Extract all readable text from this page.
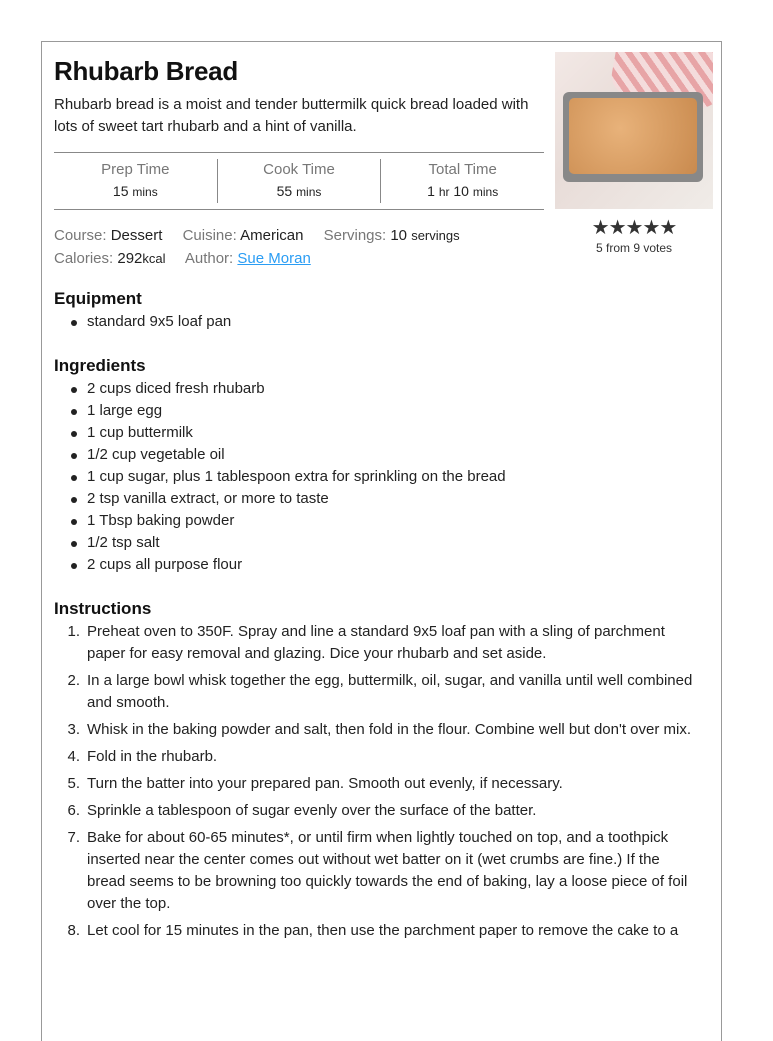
Rhubarb Bread
Rhubarb bread is a moist and tender buttermilk quick bread loaded with lots of sweet tart rhubarb and a hint of vanilla.
Prep Time
15 mins
Cook Time
55 mins
Total Time
1 hr 10 mins
Course: Dessert Cuisine: American Servings: 10 servings
Calories: 292kcal Author: Sue Moran
★★★★★
5 from 9 votes
Equipment
standard 9x5 loaf pan
Ingredients
2 cups diced fresh rhubarb
1 large egg
1 cup buttermilk
1/2 cup vegetable oil
1 cup sugar, plus 1 tablespoon extra for sprinkling on the bread
2 tsp vanilla extract, or more to taste
1 Tbsp baking powder
1/2 tsp salt
2 cups all purpose flour
Instructions
1. Preheat oven to 350F. Spray and line a standard 9x5 loaf pan with a sling of parchment paper for easy removal and glazing. Dice your rhubarb and set aside.
2. In a large bowl whisk together the egg, buttermilk, oil, sugar, and vanilla until well combined and smooth.
3. Whisk in the baking powder and salt, then fold in the flour. Combine well but don't over mix.
4. Fold in the rhubarb.
5. Turn the batter into your prepared pan. Smooth out evenly, if necessary.
6. Sprinkle a tablespoon of sugar evenly over the surface of the batter.
7. Bake for about 60-65 minutes*, or until firm when lightly touched on top, and a toothpick inserted near the center comes out without wet batter on it (wet crumbs are fine.) If the bread seems to be browning too quickly towards the end of baking, lay a loose piece of foil over the top.
8. Let cool for 15 minutes in the pan, then use the parchment paper to remove the cake to a
